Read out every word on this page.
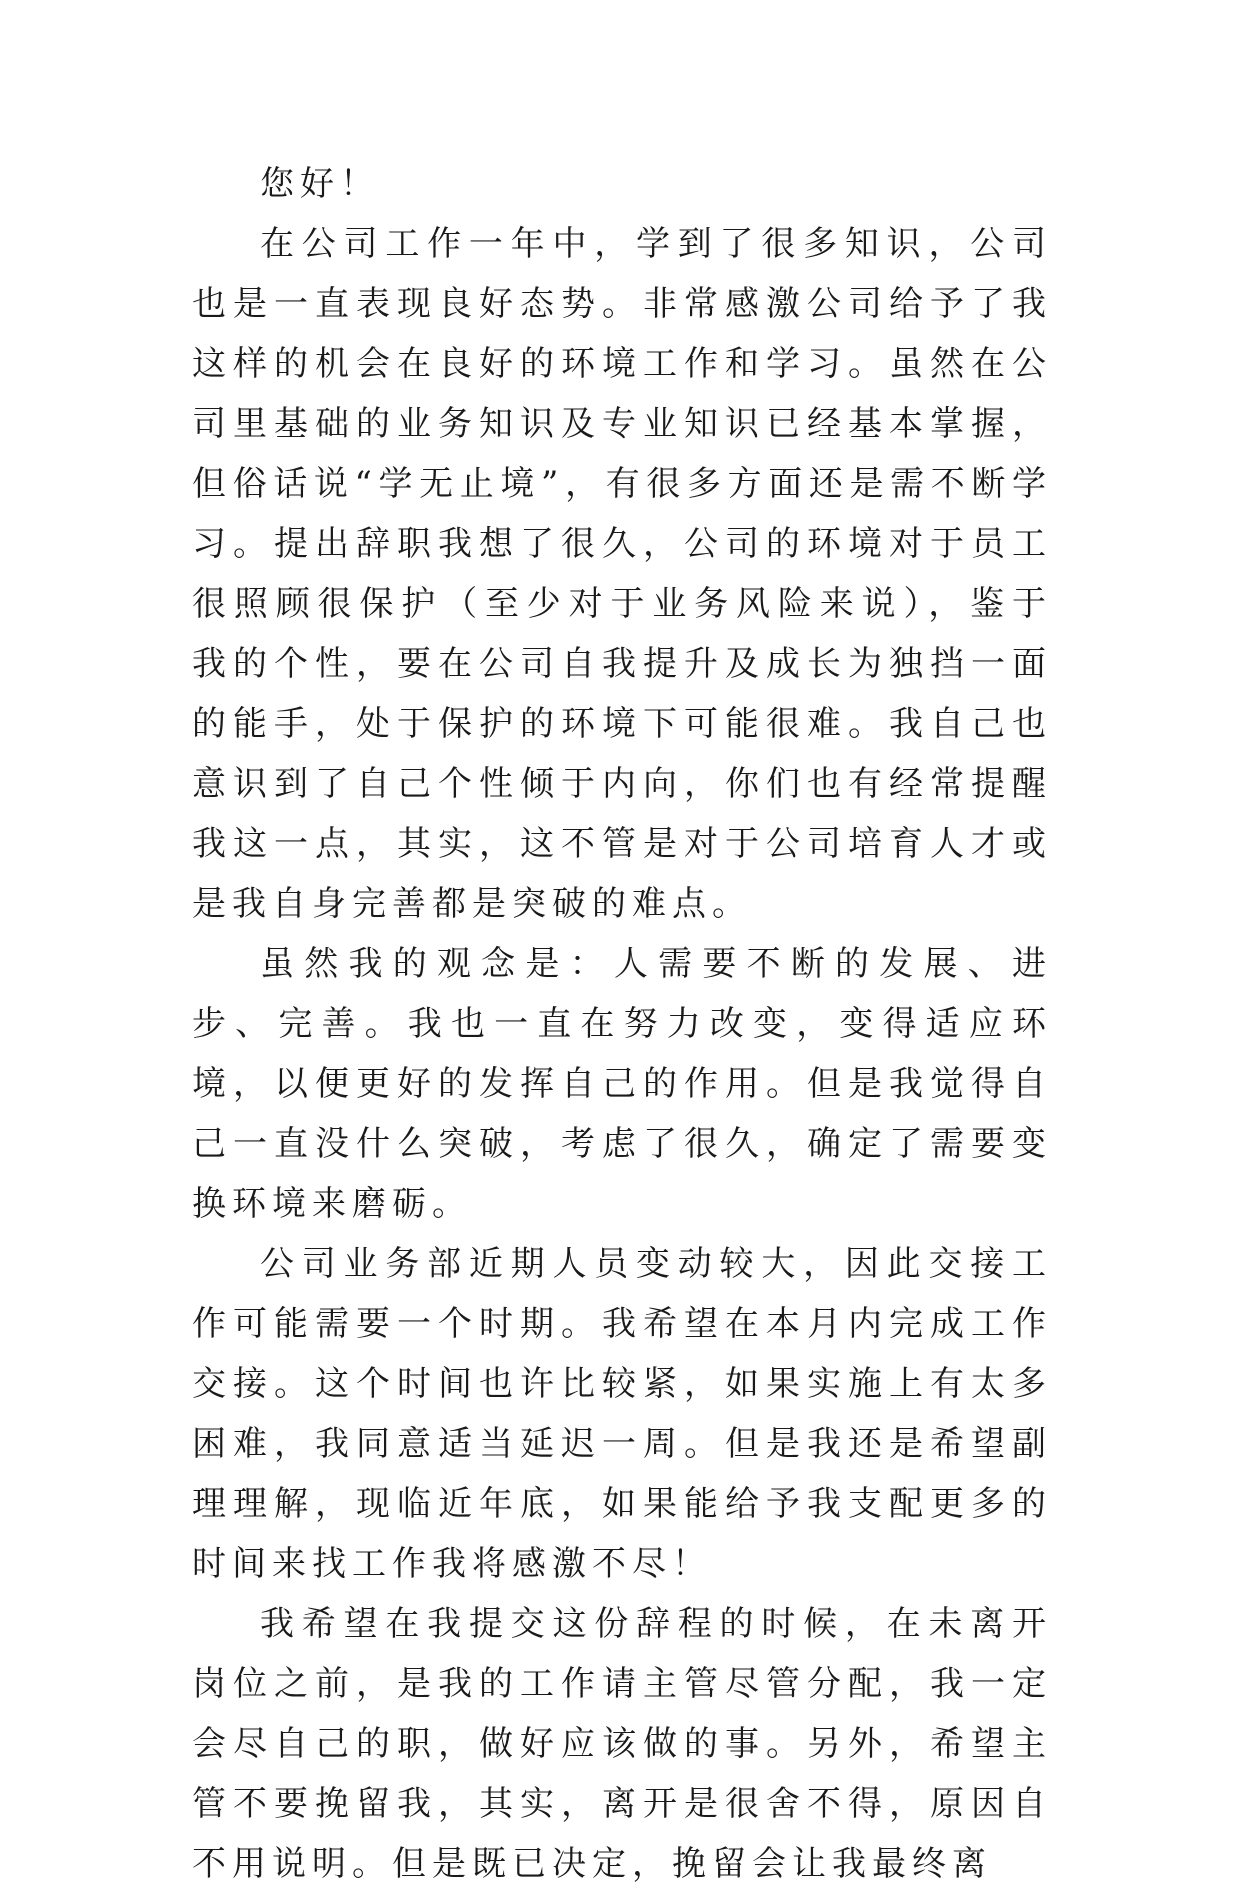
您好！

在公司工作一年中，学到了很多知识，公司也是一直表现良好态势。非常感激公司给予了我这样的机会在良好的环境工作和学习。虽然在公司里基础的业务知识及专业知识已经基本掌握，但俗话说“学无止境”，有很多方面还是需不断学习。提出辞职我想了很久，公司的环境对于员工很照顾很保护（至少对于业务风险来说），鉴于我的个性，要在公司自我提升及成长为独挡一面的能手，处于保护的环境下可能很难。我自己也意识到了自己个性倾于内向，你们也有经常提醒我这一点，其实，这不管是对于公司培育人才或是我自身完善都是突破的难点。

虽然我的观念是：人需要不断的发展、进步、完善。我也一直在努力改变，变得适应环境，以便更好的发挥自己的作用。但是我觉得自己一直没什么突破，考虑了很久，确定了需要变换环境来磨砺。

公司业务部近期人员变动较大，因此交接工作可能需要一个时期。我希望在本月内完成工作交接。这个时间也许比较紧，如果实施上有太多困难，我同意适当延迟一周。但是我还是希望副理理解，现临近年底，如果能给予我支配更多的时间来找工作我将感激不尽！

我希望在我提交这份辞程的时候，在未离开岗位之前，是我的工作请主管尽管分配，我一定会尽自己的职，做好应该做的事。另外，希望主管不要挽留我，其实，离开是很舍不得，原因自不用说明。但是既已决定，挽留会让我最终离
